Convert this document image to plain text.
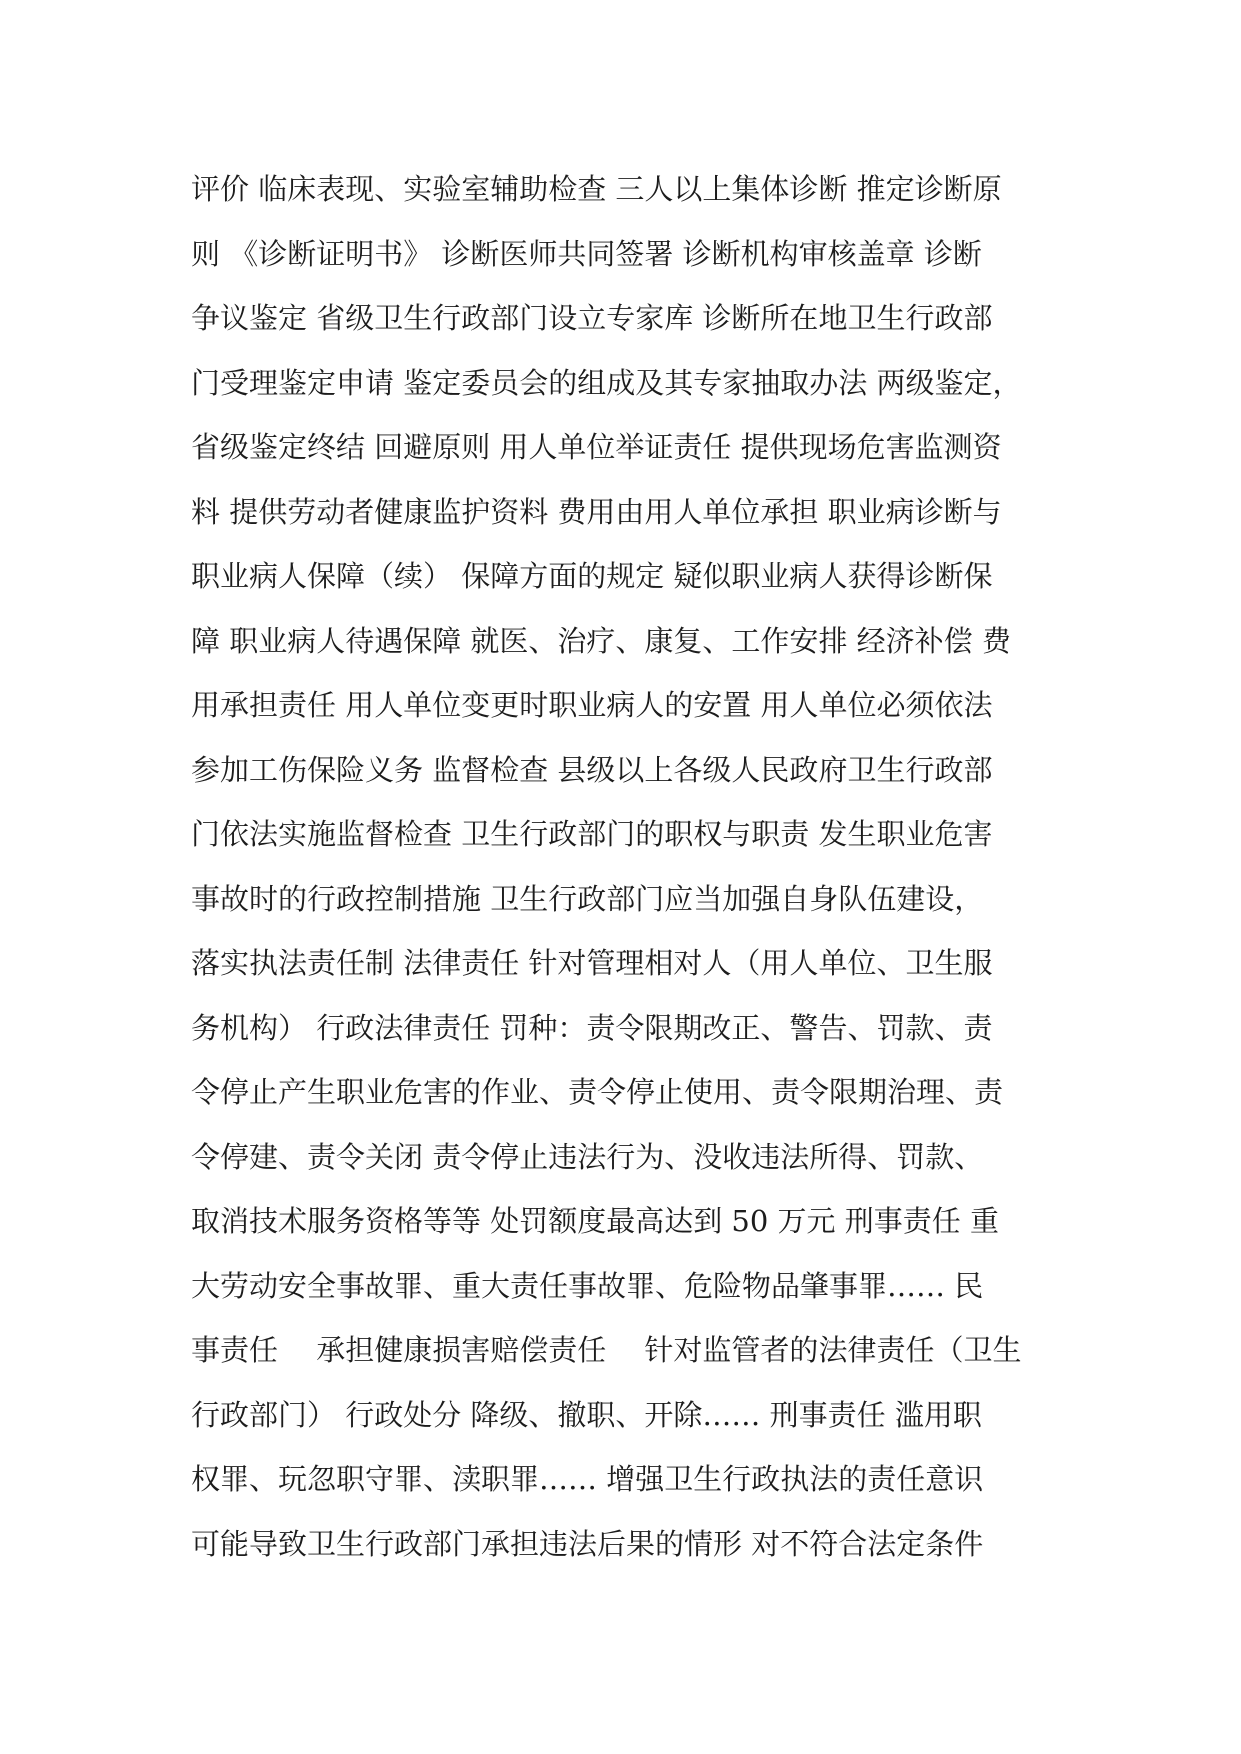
评价 临床表现、实验室辅助检查 三人以上集体诊断 推定诊断原
则 《诊断证明书》 诊断医师共同签署 诊断机构审核盖章 诊断
争议鉴定 省级卫生行政部门设立专家库 诊断所在地卫生行政部
门受理鉴定申请 鉴定委员会的组成及其专家抽取办法 两级鉴定，
省级鉴定终结 回避原则 用人单位举证责任 提供现场危害监测资
料 提供劳动者健康监护资料 费用由用人单位承担 职业病诊断与
职业病人保障（续） 保障方面的规定 疑似职业病人获得诊断保
障 职业病人待遇保障 就医、治疗、康复、工作安排 经济补偿 费
用承担责任 用人单位变更时职业病人的安置 用人单位必须依法
参加工伤保险义务 监督检查 县级以上各级人民政府卫生行政部
门依法实施监督检查 卫生行政部门的职权与职责 发生职业危害
事故时的行政控制措施 卫生行政部门应当加强自身队伍建设，
落实执法责任制 法律责任 针对管理相对人（用人单位、卫生服
务机构） 行政法律责任 罚种：责令限期改正、警告、罚款、责
令停止产生职业危害的作业、责令停止使用、责令限期治理、责
令停建、责令关闭 责令停止违法行为、没收违法所得、罚款、
取消技术服务资格等等 处罚额度最高达到 50 万元 刑事责任 重
大劳动安全事故罪、重大责任事故罪、危险物品肇事罪…… 民
事责任 　承担健康损害赔偿责任 　针对监管者的法律责任（卫生
行政部门） 行政处分 降级、撤职、开除…… 刑事责任 滥用职
权罪、玩忽职守罪、渎职罪…… 增强卫生行政执法的责任意识
可能导致卫生行政部门承担违法后果的情形 对不符合法定条件
